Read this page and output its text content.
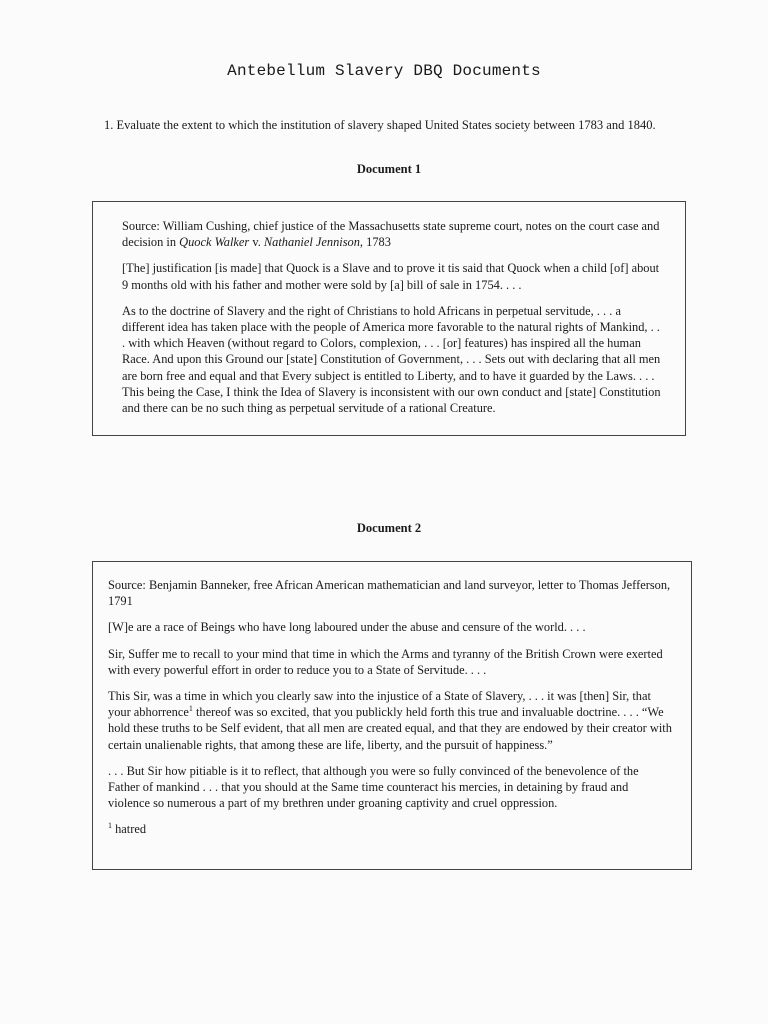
Antebellum Slavery DBQ Documents
1. Evaluate the extent to which the institution of slavery shaped United States society between 1783 and 1840.
Document 1

Source: William Cushing, chief justice of the Massachusetts state supreme court, notes on the court case and decision in Quock Walker v. Nathaniel Jennison, 1783

[The] justification [is made] that Quock is a Slave and to prove it tis said that Quock when a child [of] about 9 months old with his father and mother were sold by [a] bill of sale in 1754. . . .

As to the doctrine of Slavery and the right of Christians to hold Africans in perpetual servitude, . . . a different idea has taken place with the people of America more favorable to the natural rights of Mankind, . . . with which Heaven (without regard to Colors, complexion, . . . [or] features) has inspired all the human Race. And upon this Ground our [state] Constitution of Government, . . . Sets out with declaring that all men are born free and equal and that Every subject is entitled to Liberty, and to have it guarded by the Laws. . . . This being the Case, I think the Idea of Slavery is inconsistent with our own conduct and [state] Constitution and there can be no such thing as perpetual servitude of a rational Creature.

Document 2

Source: Benjamin Banneker, free African American mathematician and land surveyor, letter to Thomas Jefferson, 1791

[W]e are a race of Beings who have long laboured under the abuse and censure of the world. . . .

Sir, Suffer me to recall to your mind that time in which the Arms and tyranny of the British Crown were exerted with every powerful effort in order to reduce you to a State of Servitude. . . .

This Sir, was a time in which you clearly saw into the injustice of a State of Slavery, . . . it was [then] Sir, that your abhorrence$^1$ thereof was so excited, that you publickly held forth this true and invaluable doctrine. . . . “We hold these truths to be Self evident, that all men are created equal, and that they are endowed by their creator with certain unalienable rights, that among these are life, liberty, and the pursuit of happiness.”

. . . But Sir how pitiable is it to reflect, that although you were so fully convinced of the benevolence of the Father of mankind . . . that you should at the Same time counteract his mercies, in detaining by fraud and violence so numerous a part of my brethren under groaning captivity and cruel oppression.

$^1$ hatred
